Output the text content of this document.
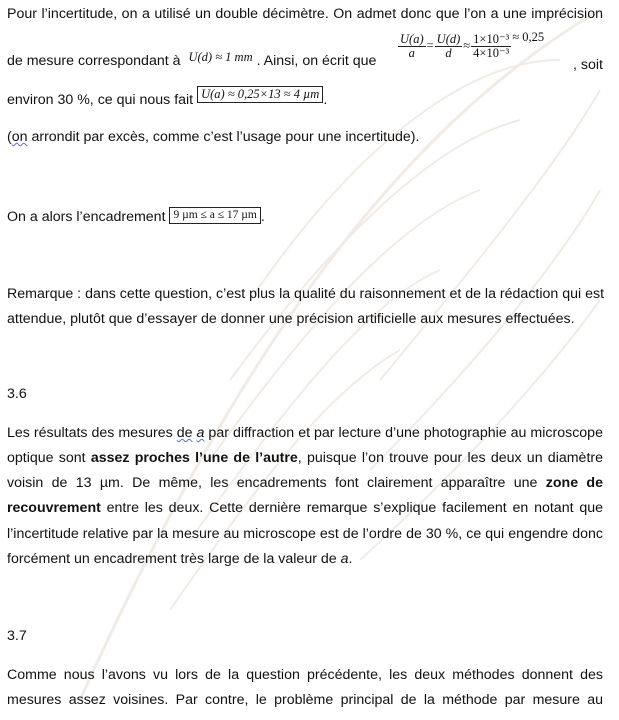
Pour l’incertitude, on a utilisé un double décimètre. On admet donc que l’on a une imprécision
de mesure correspondant à U(d) ≈ 1 mm . Ainsi, on écrit que
$\frac{U(a)}{a} = \frac{U(d)}{d} \approx \frac{\text{1×10⁻³}}{\text{4×10⁻³}} \approx 0,25$
, soit
environ 30 %, ce qui nous fait U(a) ≈ 0,25×13 ≈ 4 µm .
(on arrondit par excès, comme c’est l’usage pour une incertitude).
On a alors l’encadrement 9 µm ≤ a ≤ 17 µm .
Remarque : dans cette question, c’est plus la qualité du raisonnement et de la rédaction qui est
attendue, plutôt que d’essayer de donner une précision artificielle aux mesures effectuées.
3.6
Les résultats des mesures de a par diffraction et par lecture d’une photographie au microscope
optique sont assez proches l’une de l’autre, puisque l’on trouve pour les deux un diamètre
voisin de 13 µm. De même, les encadrements font clairement apparaître une zone de
recouvrement entre les deux. Cette dernière remarque s’explique facilement en notant que
l’incertitude relative par la mesure au microscope est de l’ordre de 30 %, ce qui engendre donc
forcément un encadrement très large de la valeur de a.
3.7
Comme nous l’avons vu lors de la question précédente, les deux méthodes donnent des
mesures assez voisines. Par contre, le problème principal de la méthode par mesure au
